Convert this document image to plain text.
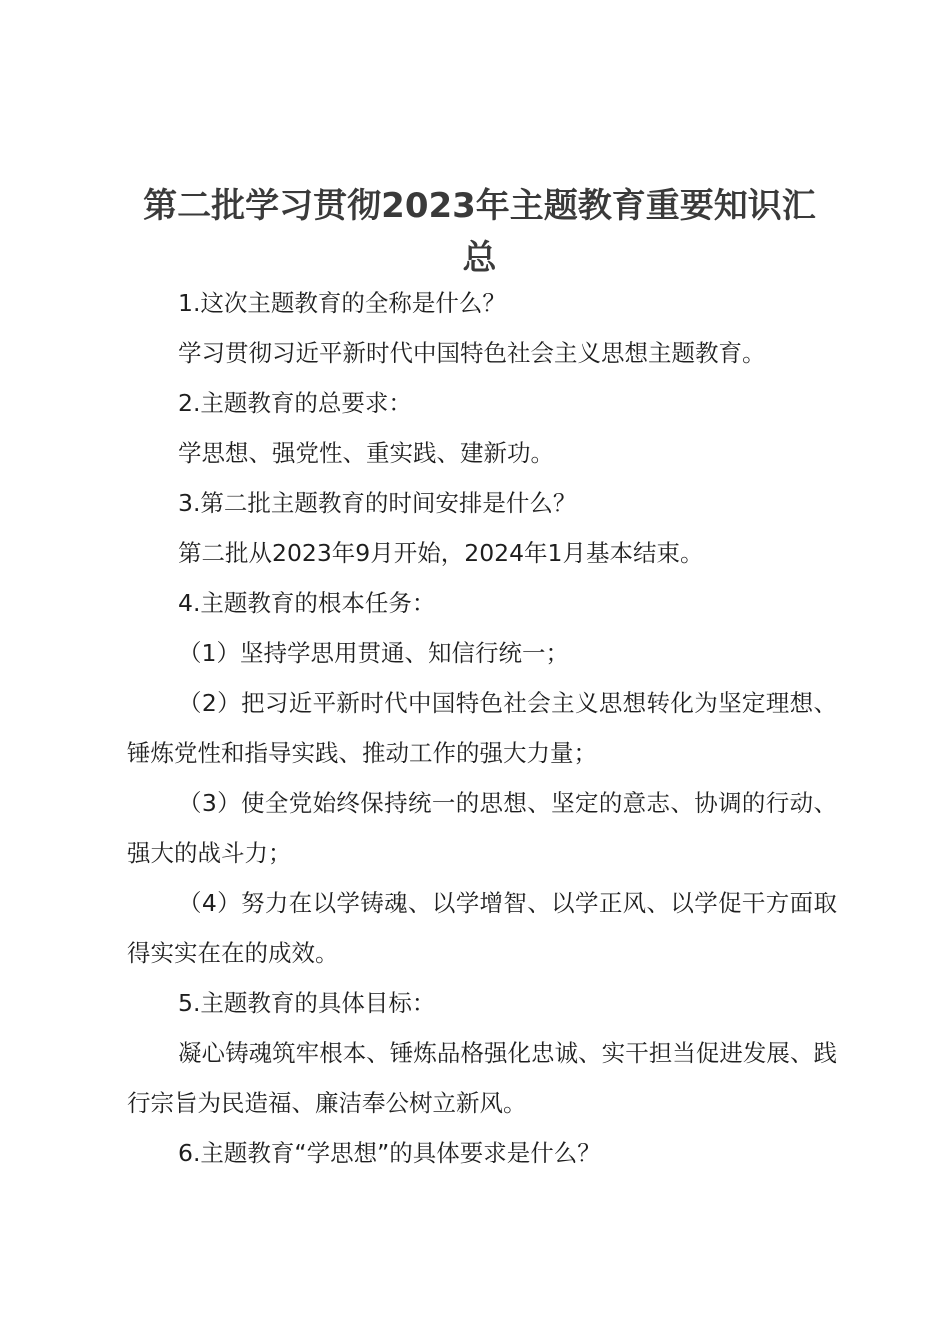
第二批学习贯彻2023年主题教育重要知识汇总

1.这次主题教育的全称是什么？

学习贯彻习近平新时代中国特色社会主义思想主题教育。

2.主题教育的总要求：

学思想、强党性、重实践、建新功。

3.第二批主题教育的时间安排是什么？

第二批从2023年9月开始，2024年1月基本结束。

4.主题教育的根本任务：

（1）坚持学思用贯通、知信行统一；

（2）把习近平新时代中国特色社会主义思想转化为坚定理想、锤炼党性和指导实践、推动工作的强大力量；

（3）使全党始终保持统一的思想、坚定的意志、协调的行动、强大的战斗力；

（4）努力在以学铸魂、以学增智、以学正风、以学促干方面取得实实在在的成效。

5.主题教育的具体目标：

凝心铸魂筑牢根本、锤炼品格强化忠诚、实干担当促进发展、践行宗旨为民造福、廉洁奉公树立新风。

6.主题教育“学思想”的具体要求是什么？
